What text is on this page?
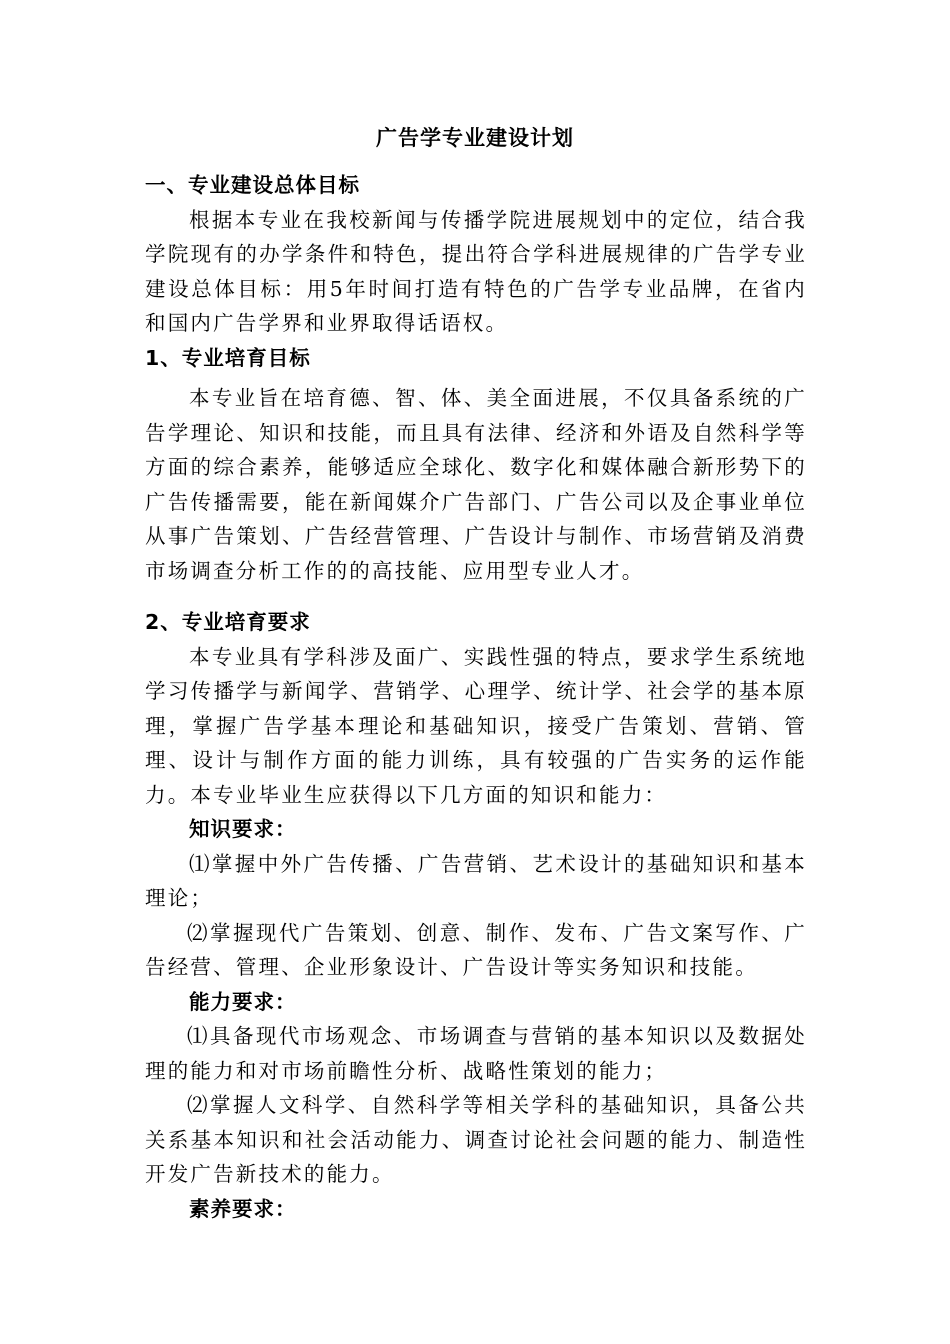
广告学专业建设计划

一、专业建设总体目标

根据本专业在我校新闻与传播学院进展规划中的定位，结合我学院现有的办学条件和特色，提出符合学科进展规律的广告学专业建设总体目标：用5年时间打造有特色的广告学专业品牌，在省内和国内广告学界和业界取得话语权。

1、专业培育目标

本专业旨在培育德、智、体、美全面进展，不仅具备系统的广告学理论、知识和技能，而且具有法律、经济和外语及自然科学等方面的综合素养，能够适应全球化、数字化和媒体融合新形势下的广告传播需要，能在新闻媒介广告部门、广告公司以及企事业单位从事广告策划、广告经营管理、广告设计与制作、市场营销及消费市场调查分析工作的的高技能、应用型专业人才。

2、专业培育要求

本专业具有学科涉及面广、实践性强的特点，要求学生系统地学习传播学与新闻学、营销学、心理学、统计学、社会学的基本原理，掌握广告学基本理论和基础知识，接受广告策划、营销、管理、设计与制作方面的能力训练，具有较强的广告实务的运作能力。本专业毕业生应获得以下几方面的知识和能力：

知识要求：

⑴掌握中外广告传播、广告营销、艺术设计的基础知识和基本理论；

⑵掌握现代广告策划、创意、制作、发布、广告文案写作、广告经营、管理、企业形象设计、广告设计等实务知识和技能。

能力要求：

⑴具备现代市场观念、市场调查与营销的基本知识以及数据处理的能力和对市场前瞻性分析、战略性策划的能力；

⑵掌握人文科学、自然科学等相关学科的基础知识，具备公共关系基本知识和社会活动能力、调查讨论社会问题的能力、制造性开发广告新技术的能力。

素养要求：
